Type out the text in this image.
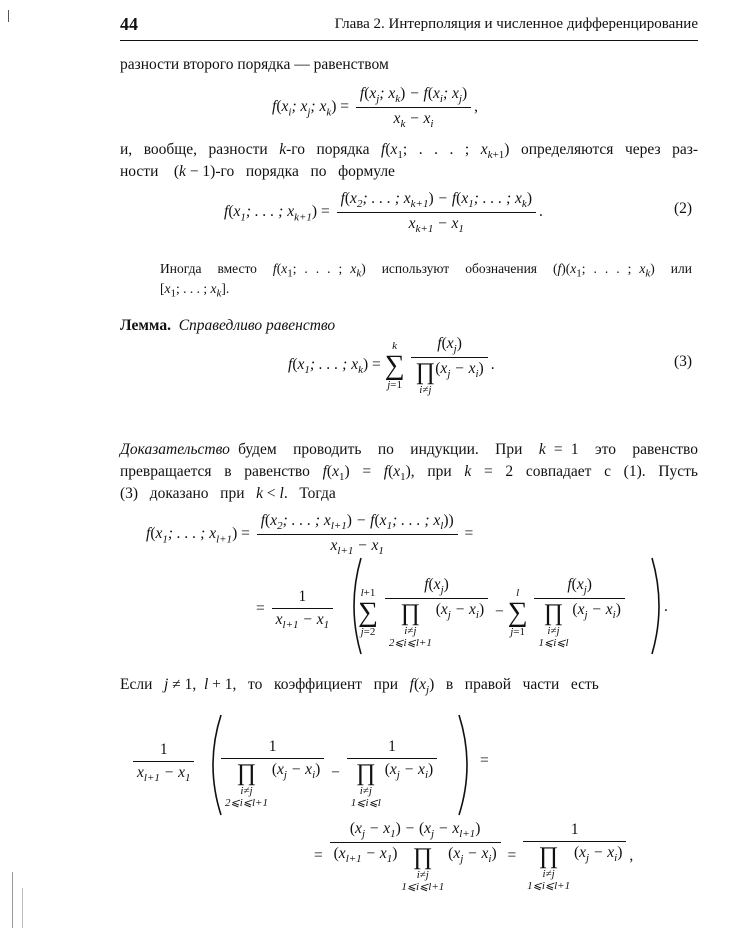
44	Глава 2. Интерполяция и численное дифференцирование
разности второго порядка — равенством
$f(x_i$; $x_j$; $x_k) = \frac{f(x_j; x_k) - f(x_i; x_j)}{x_k - x_i}$ ,
и, вообще, разности k-го порядка $f(x_1$; . . . ; $x_{k+1}$) определяются через раз-
ности    (k − 1)-го   порядка   по   формуле
$f(x_1$; . . . ; $x_{k+1}) = \frac{f(x_2; . . . ; x_{k+1}) - f(x_1; . . . ; x_k)}{x_{k+1} - x_1}$ .	(2)
Иногда  вместо  $f(x_1$; . . . ; $x_k$)  используют  обозначения  $(f)(x_1$; . . . ; $x_k$)  или
[$x_1$; . . . ; $x_k$].
Лемма. Справедливо равенство
$f(x_1$; . . . ; $x_k$) =
k
∑
j=1
$f(x_j)$
∏
i≠j
$(x_j - x_i)$ .	(3)
Доказательство будем  проводить  по  индукции.  При  k = 1  это  равенство
превращается в равенство $f(x_1) = f(x_1)$, при k = 2 совпадает с (1). Пусть
(3)   доказано   при   k < l.   Тогда
$f(x_1$; . . . ; $x_{l+1}) = \frac{f(x_2; . . . ; x_{l+1}) - f(x_1; . . . ; x_l))}{x_{l+1} - x_1}$ =
= $\frac{1}{x_{l+1} - x_1}$	l+1
∑
j=2
$f(x_j)$
∏
i≠j
2⩽i⩽l+1
$(x_j - x_i)$ −
l
∑
j=1
$f(x_j)$
∏
i≠j
1⩽i⩽l
$(x_j - x_i)$	.
Если   j ≠ 1,  l + 1,   то   коэффициент   при   $f(x_j)$   в   правой   части   есть
$\frac{1}{x_{l+1} - x_1} 1$
∏
i≠j
2⩽i⩽l+1
$(x_j - x_i) - 1$
∏
i≠j
1⩽i⩽l
$(x_j - x_i)$	=
= $(x_j - x_1) - (x_j - x_{l+1})$
$(x_{l+1} - x_1)$ ∏
i≠j
1⩽i⩽l+1
$(x_j - x_i) = 1$
∏
i≠j
1⩽i⩽l+1
$(x_j - x_i)$ ,
